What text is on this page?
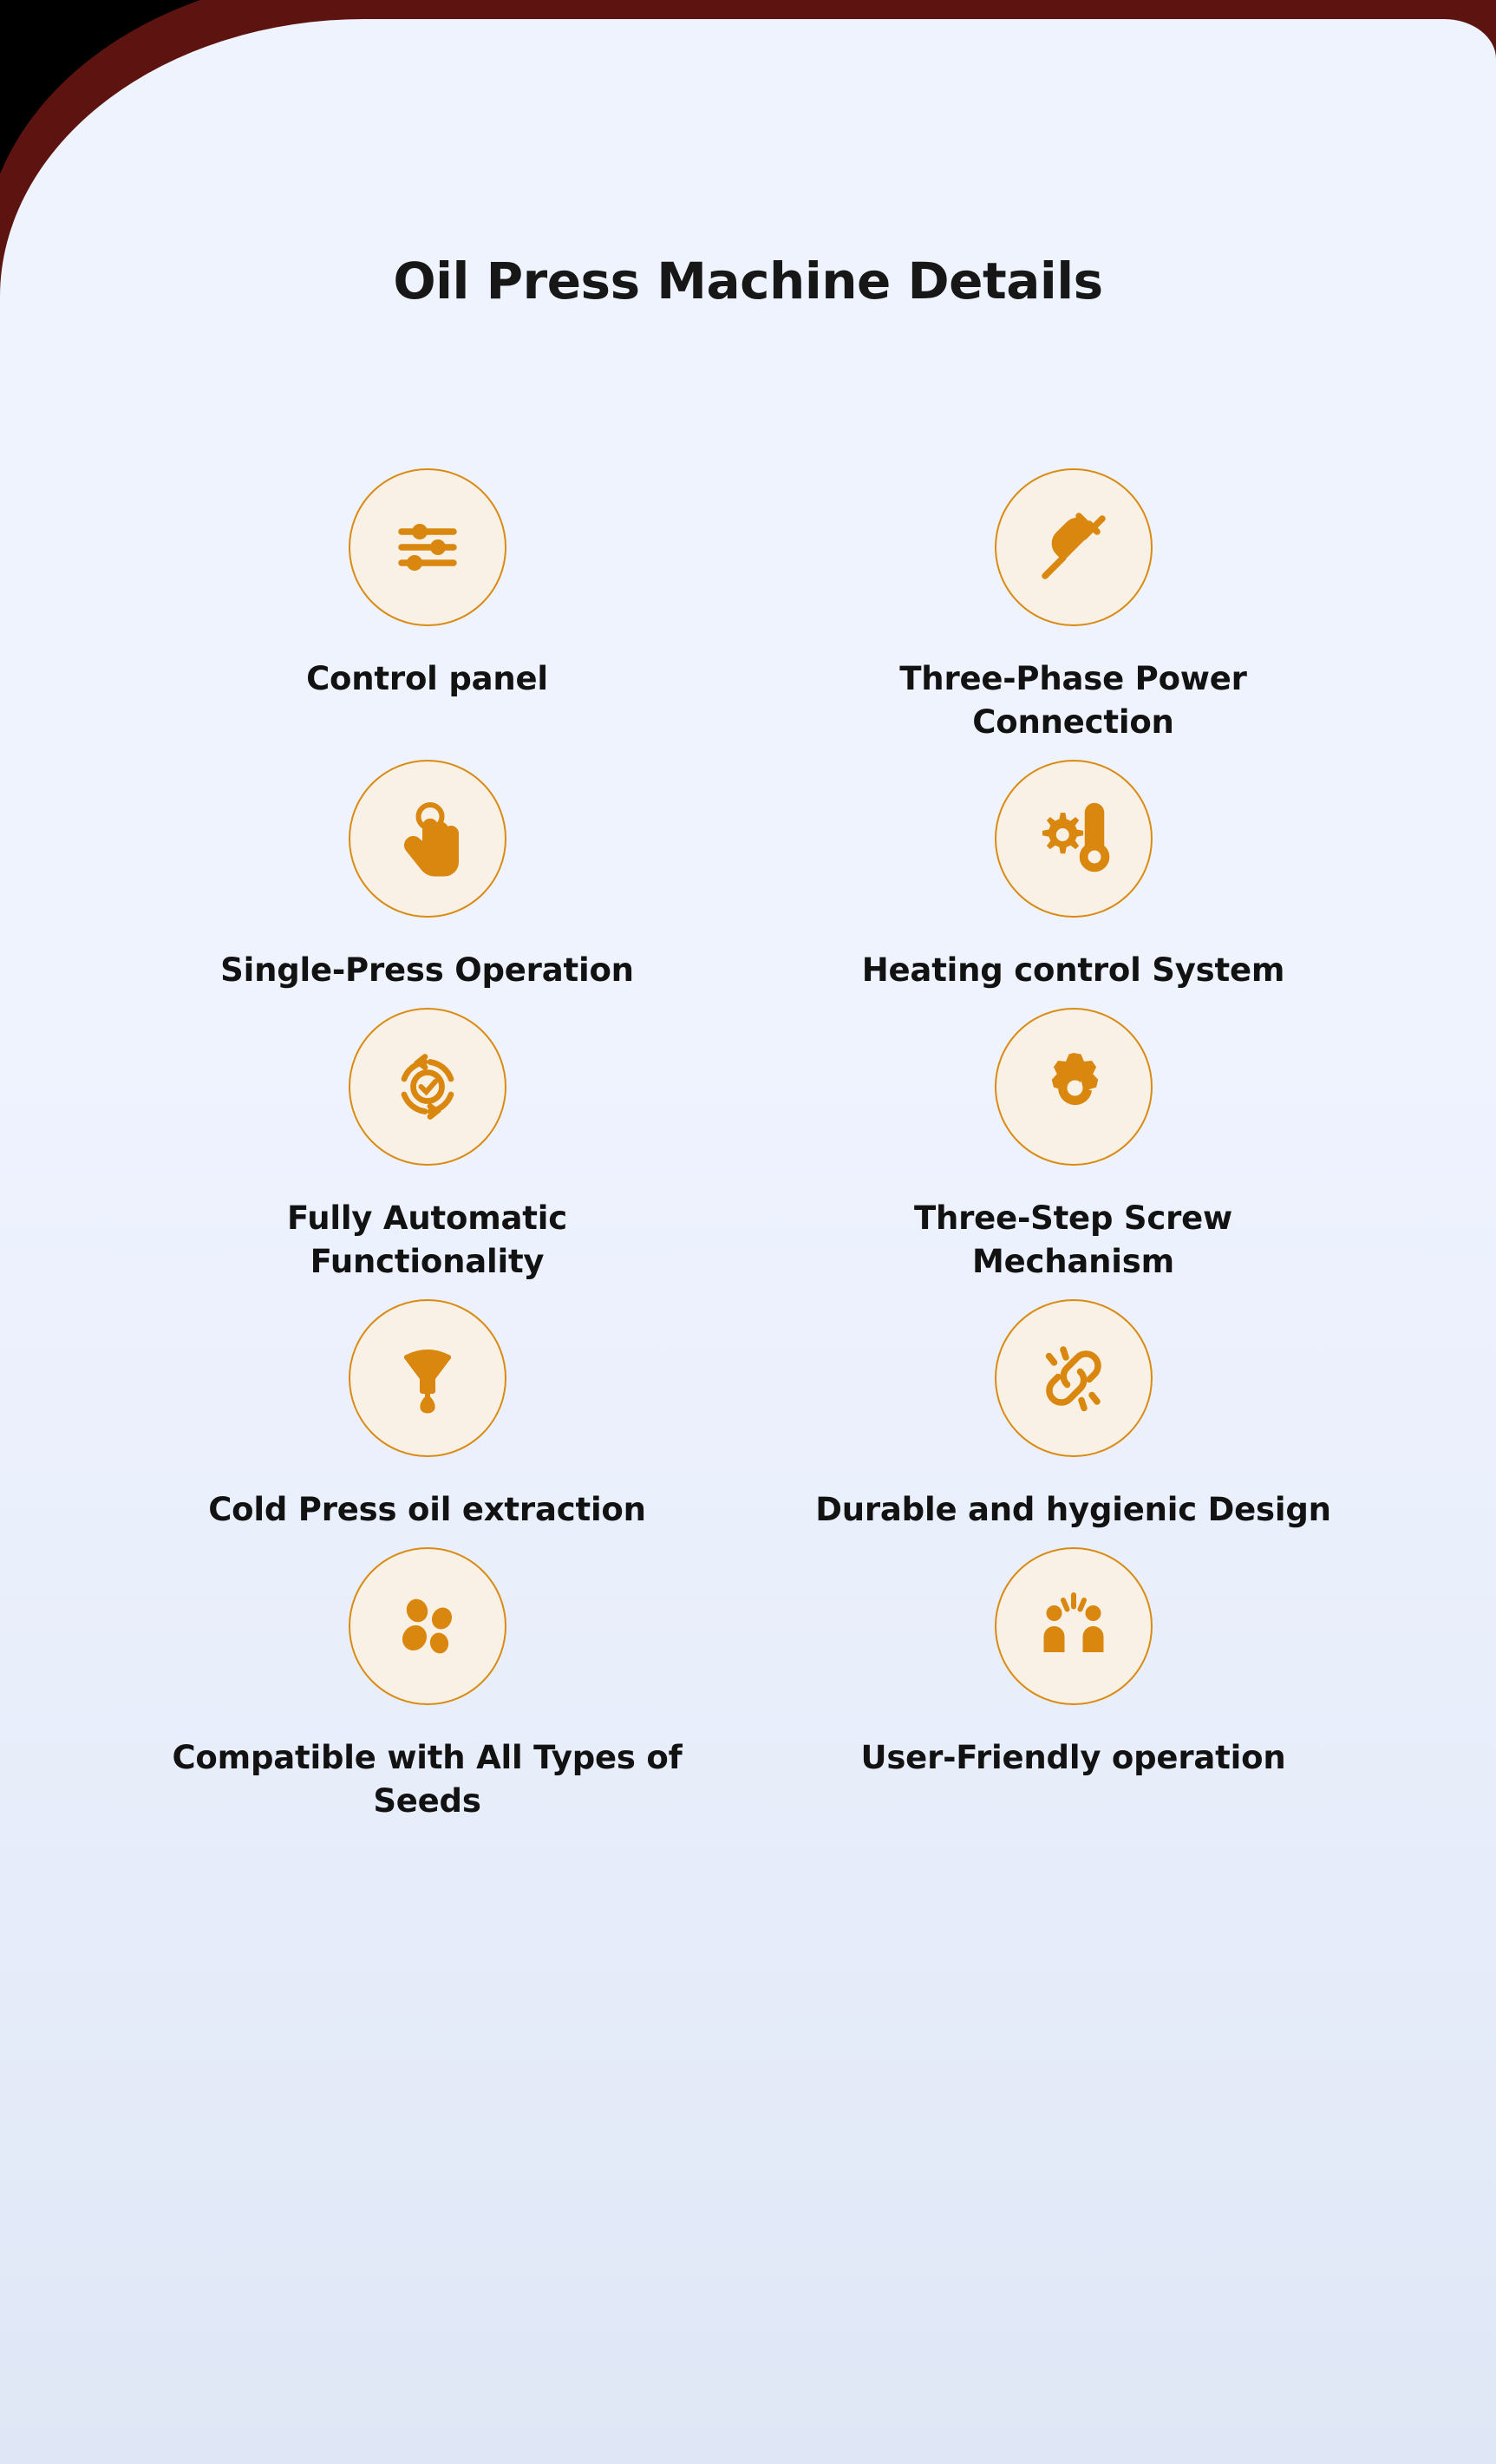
Oil Press Machine Details
Control panel	Three-Phase Power Connection
Single-Press Operation	Heating control System
Fully Automatic Functionality
Three-Step Screw Mechanism
Cold Press oil extraction	Durable and hygienic Design
Compatible with All Types of Seeds
User-Friendly operation
